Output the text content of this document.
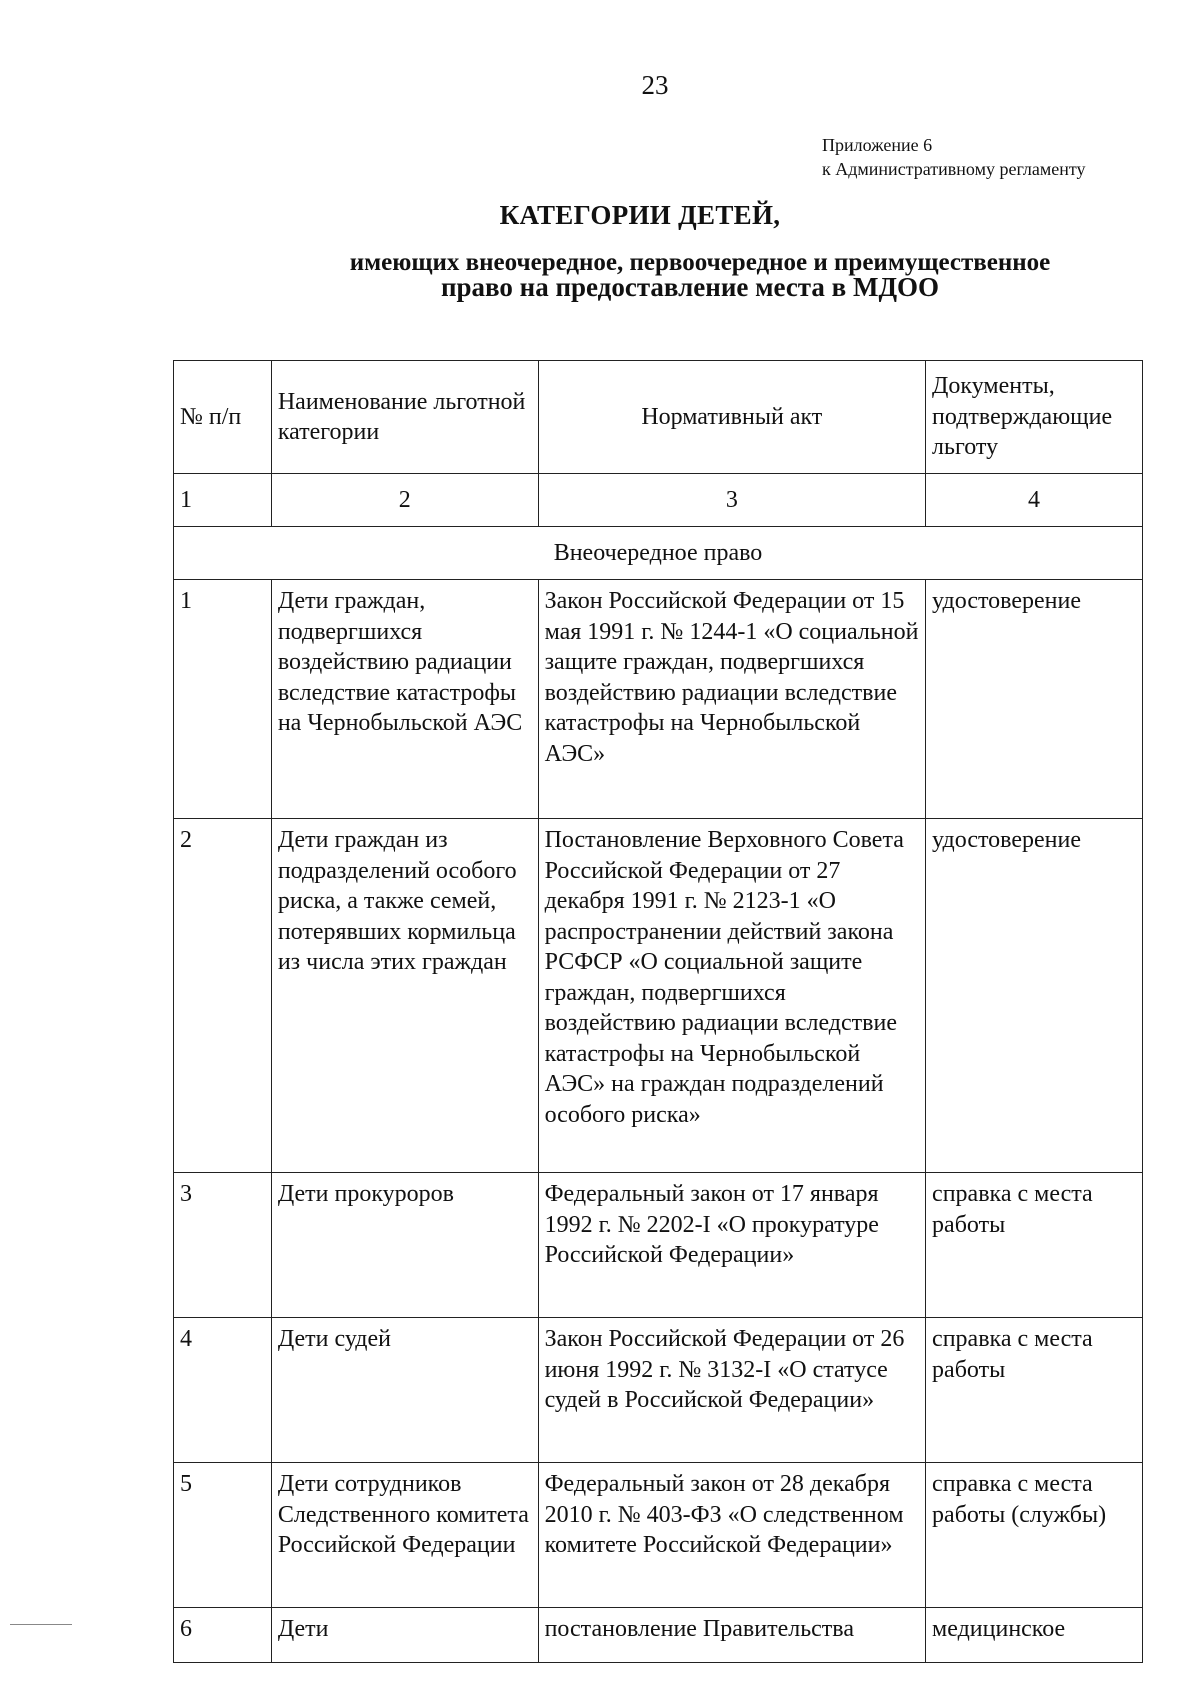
23
Приложение 6
к Административному регламенту
КАТЕГОРИИ ДЕТЕЙ,
имеющих внеочередное, первоочередное и преимущественное
право на предоставление места в МДОО
№ п/п	Наименование льготной категории	Нормативный акт	Документы, подтверждающие льготу
1	2	3	4
Внеочередное право			
1	Дети граждан, подвергшихся воздействию радиации вследствие катастрофы на Чернобыльской АЭС	Закон Российской Федерации от 15 мая 1991 г. № 1244-1 «О социальной защите граждан, подвергшихся воздействию радиации вследствие катастрофы на Чернобыльской АЭС»	удостоверение
2	Дети граждан из подразделений особого риска, а также семей, потерявших кормильца из числа этих граждан	Постановление Верховного Совета Российской Федерации от 27 декабря 1991 г. № 2123-1 «О распространении действий закона РСФСР «О социальной защите граждан, подвергшихся воздействию радиации вследствие катастрофы на Чернобыльской АЭС» на граждан подразделений особого риска»	удостоверение
3	Дети прокуроров	Федеральный закон от 17 января 1992 г. № 2202-I «О прокуратуре Российской Федерации»	справка с места работы
4	Дети судей	Закон Российской Федерации от 26 июня 1992 г. № 3132-I «О статусе судей в Российской Федерации»	справка с места работы
5	Дети сотрудников Следственного комитета Российской Федерации	Федеральный закон от 28 декабря 2010 г. № 403-ФЗ «О следственном комитете Российской Федерации»	справка с места работы (службы)
6	Дети	постановление Правительства	медицинское
